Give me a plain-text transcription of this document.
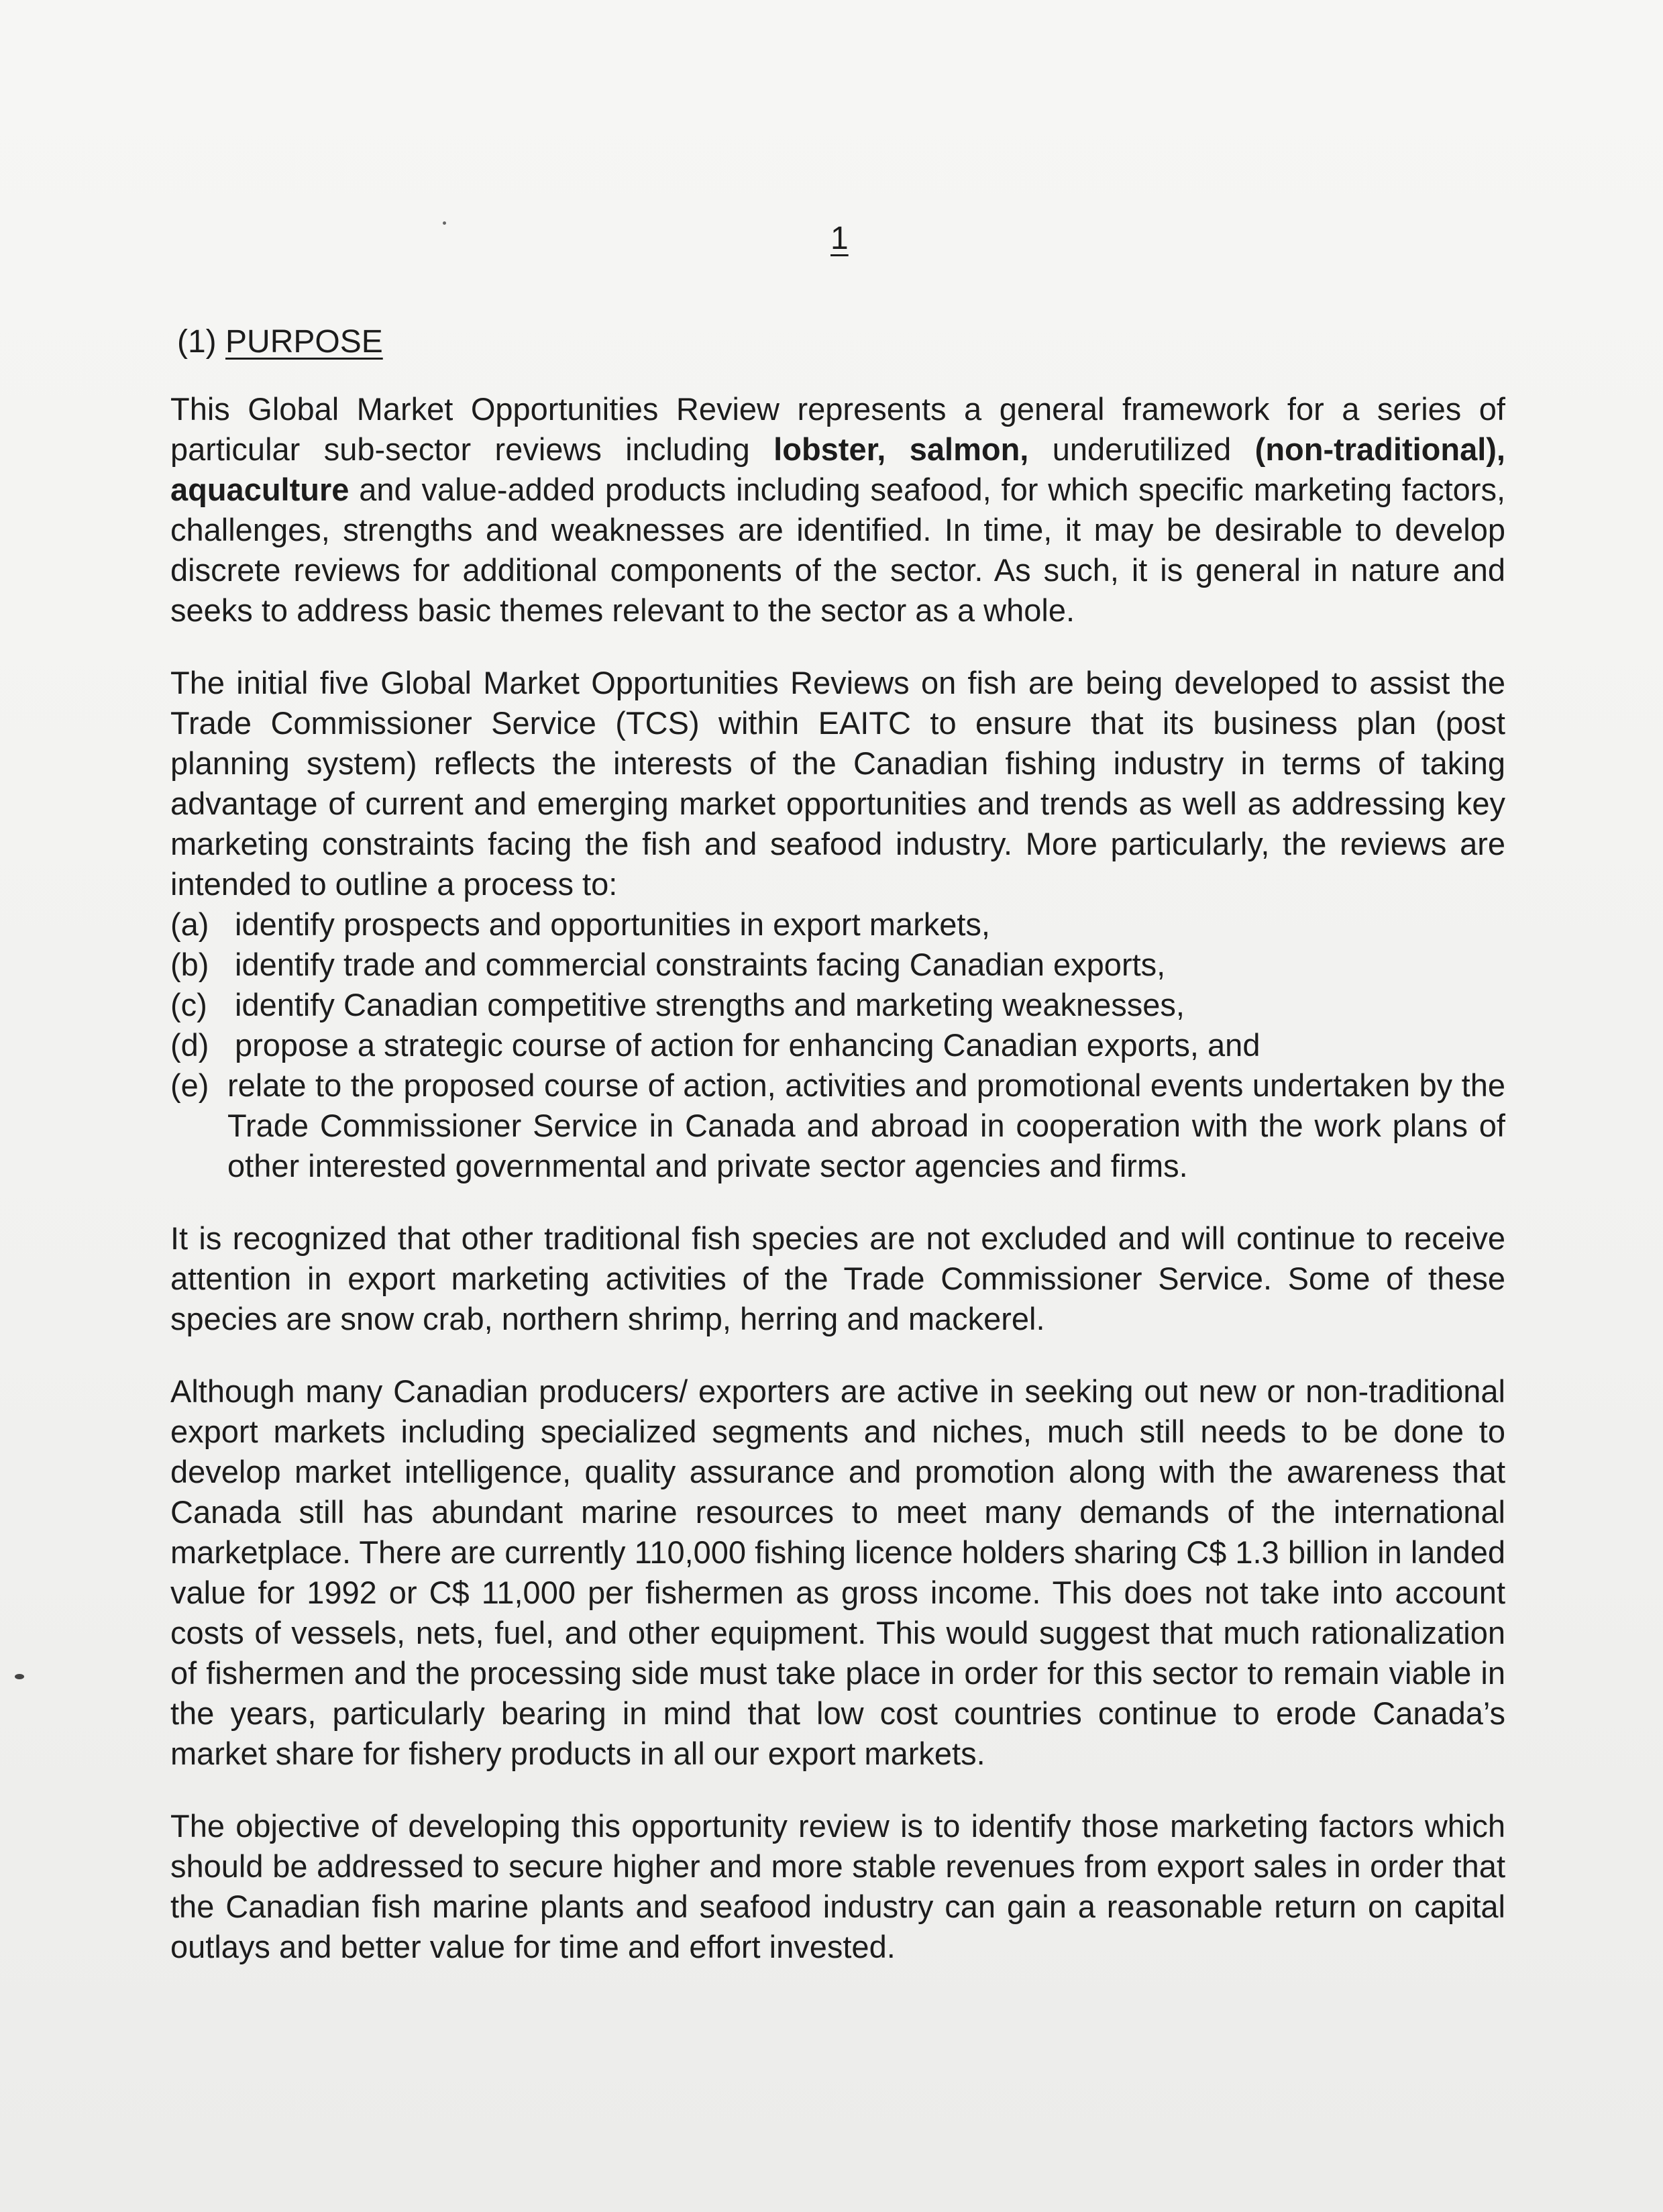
1
(1) PURPOSE

This Global Market Opportunities Review represents a general framework for a series of particular sub-sector reviews including lobster, salmon, underutilized (non-traditional), aquaculture and value-added products including seafood, for which specific marketing factors, challenges, strengths and weaknesses are identified. In time, it may be desirable to develop discrete reviews for additional components of the sector. As such, it is general in nature and seeks to address basic themes relevant to the sector as a whole.

The initial five Global Market Opportunities Reviews on fish are being developed to assist the Trade Commissioner Service (TCS) within EAITC to ensure that its business plan (post planning system) reflects the interests of the Canadian fishing industry in terms of taking advantage of current and emerging market opportunities and trends as well as addressing key marketing constraints facing the fish and seafood industry. More particularly, the reviews are intended to outline a process to:

(a) identify prospects and opportunities in export markets,
(b) identify trade and commercial constraints facing Canadian exports,
(c) identify Canadian competitive strengths and marketing weaknesses,
(d) propose a strategic course of action for enhancing Canadian exports, and
(e) relate to the proposed course of action, activities and promotional events undertaken by the Trade Commissioner Service in Canada and abroad in cooperation with the work plans of other interested governmental and private sector agencies and firms.

It is recognized that other traditional fish species are not excluded and will continue to receive attention in export marketing activities of the Trade Commissioner Service. Some of these species are snow crab, northern shrimp, herring and mackerel.

Although many Canadian producers/ exporters are active in seeking out new or non-traditional export markets including specialized segments and niches, much still needs to be done to develop market intelligence, quality assurance and promotion along with the awareness that Canada still has abundant marine resources to meet many demands of the international marketplace. There are currently 110,000 fishing licence holders sharing C$ 1.3 billion in landed value for 1992 or C$ 11,000 per fishermen as gross income. This does not take into account costs of vessels, nets, fuel, and other equipment. This would suggest that much rationalization of fishermen and the processing side must take place in order for this sector to remain viable in the years, particularly bearing in mind that low cost countries continue to erode Canada’s market share for fishery products in all our export markets.

The objective of developing this opportunity review is to identify those marketing factors which should be addressed to secure higher and more stable revenues from export sales in order that the Canadian fish marine plants and seafood industry can gain a reasonable return on capital outlays and better value for time and effort invested.
